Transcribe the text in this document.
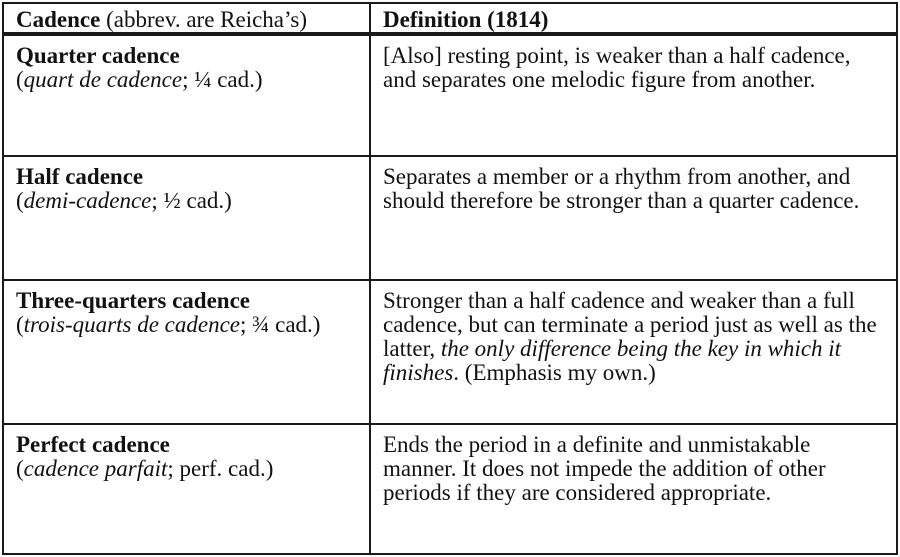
Cadence (abbrev. are Reicha’s)	Definition (1814)

Quarter cadence
(quart de cadence; ¼ cad.)	[Also] resting point, is weaker than a half cadence, and separates one melodic figure from another.

Half cadence
(demi-cadence; ½ cad.)	Separates a member or a rhythm from another, and should therefore be stronger than a quarter cadence.

Three-quarters cadence
(trois-quarts de cadence; ¾ cad.)	Stronger than a half cadence and weaker than a full cadence, but can terminate a period just as well as the latter, the only difference being the key in which it finishes. (Emphasis my own.)

Perfect cadence
(cadence parfait; perf. cad.)	Ends the period in a definite and unmistakable manner. It does not impede the addition of other periods if they are considered appropriate.
